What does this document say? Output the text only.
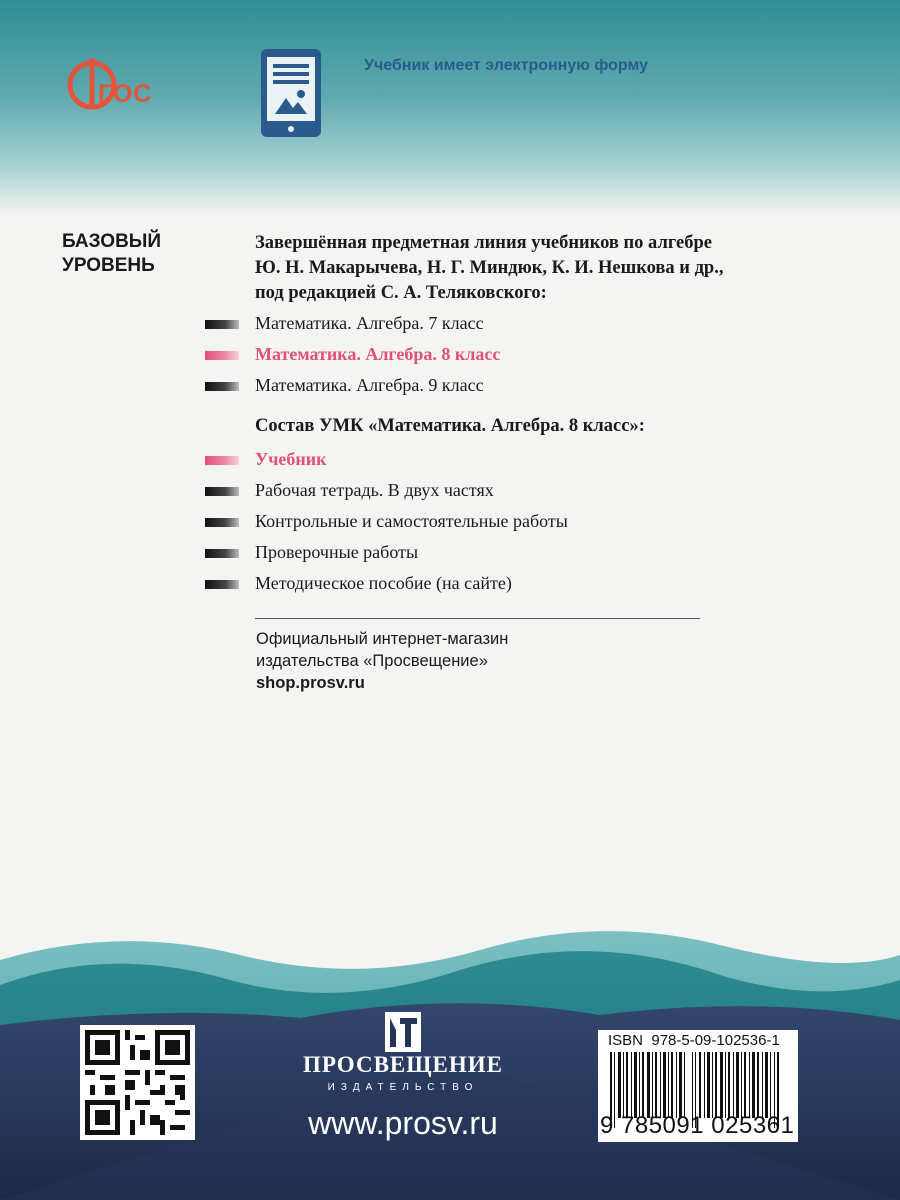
ГОС
Учебник имеет электронную форму
БАЗОВЫЙ
УРОВЕНЬ
Завершённая предметная линия учебников по алгебре
Ю. Н. Макарычева, Н. Г. Миндюк, К. И. Нешкова и др.,
под редакцией С. А. Теляковского:
Математика. Алгебра. 7 класс
Математика. Алгебра. 8 класс
Математика. Алгебра. 9 класс
Состав УМК «Математика. Алгебра. 8 класс»:
Учебник
Рабочая тетрадь. В двух частях
Контрольные и самостоятельные работы
Проверочные работы
Методическое пособие (на сайте)
Официальный интернет-магазин
издательства «Просвещение»
shop.prosv.ru
ПРОСВЕЩЕНИЕ
ИЗДАТЕЛЬСТВО
www.prosv.ru
ISBN 978-5-09-102536-1
9 785091 025361
